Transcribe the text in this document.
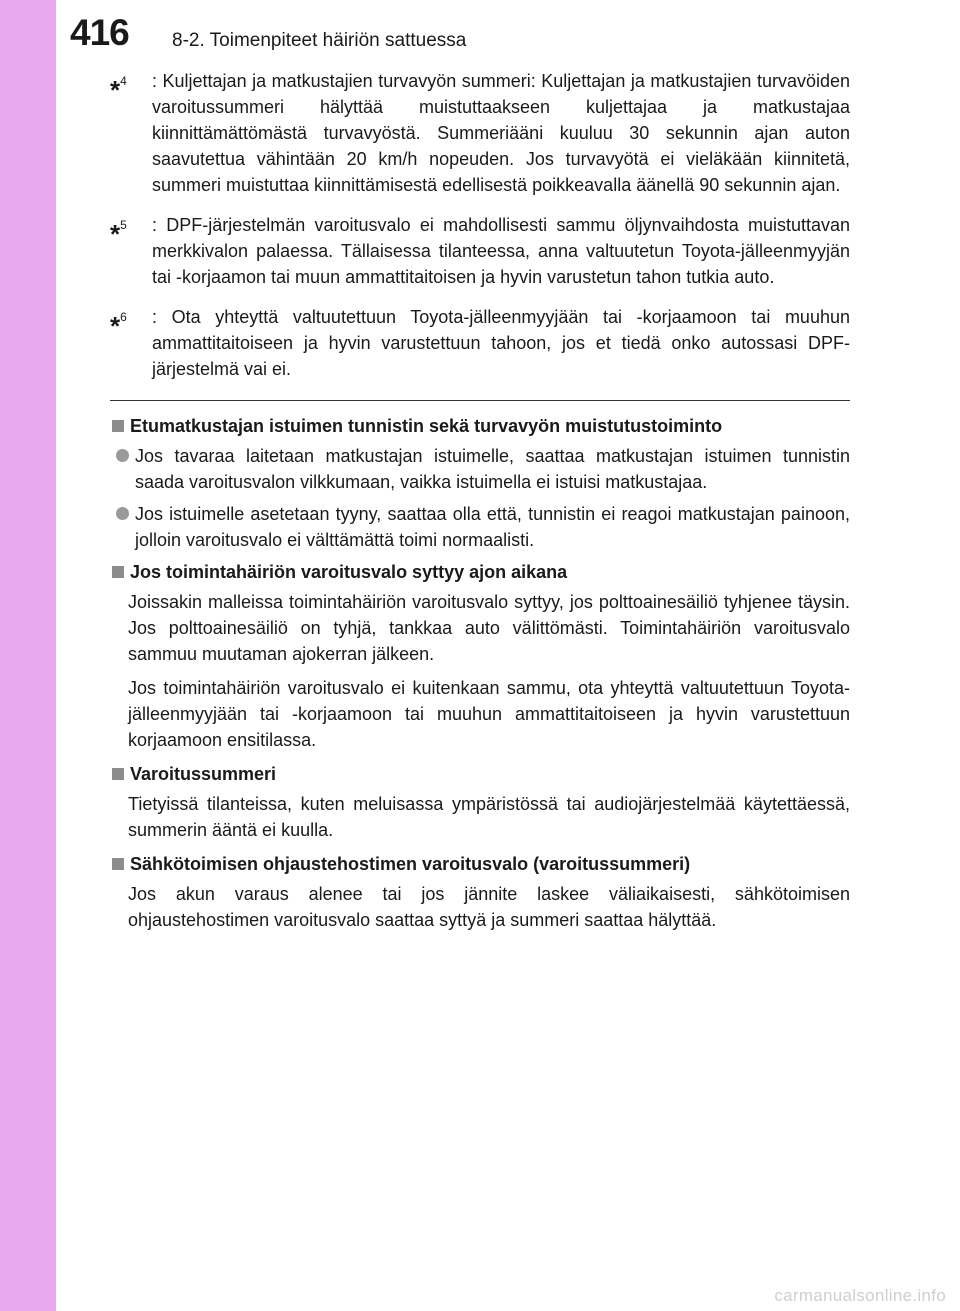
416 8-2. Toimenpiteet häiriön sattuessa
*$^4$	: Kuljettajan ja matkustajien turvavyön summeri: Kuljettajan ja matkustajien turvavöiden varoitussummeri hälyttää muistuttaakseen kuljettajaa ja matkustajaa kiinnittämättömästä turvavyöstä. Summeriääni kuuluu 30 sekunnin ajan auton saavutettua vähintään 20 km/h nopeuden. Jos turvavyötä ei vieläkään kiinnitetä, summeri muistuttaa kiinnittämisestä edellisestä poikkeavalla äänellä 90 sekunnin ajan.
*$^5$	: DPF-järjestelmän varoitusvalo ei mahdollisesti sammu öljynvaihdosta muistuttavan merkkivalon palaessa. Tällaisessa tilanteessa, anna valtuutetun Toyota-jälleenmyyjän tai -korjaamon tai muun ammattitaitoisen ja hyvin varustetun tahon tutkia auto.
*$^6$	: Ota yhteyttä valtuutettuun Toyota-jälleenmyyjään tai -korjaamoon tai muuhun ammattitaitoiseen ja hyvin varustettuun tahoon, jos et tiedä onko autossasi DPF-järjestelmä vai ei.
Etumatkustajan istuimen tunnistin sekä turvavyön muistutustoiminto
Jos tavaraa laitetaan matkustajan istuimelle, saattaa matkustajan istuimen tunnistin saada varoitusvalon vilkkumaan, vaikka istuimella ei istuisi matkustajaa.
Jos istuimelle asetetaan tyyny, saattaa olla että, tunnistin ei reagoi matkustajan painoon, jolloin varoitusvalo ei välttämättä toimi normaalisti.
Jos toimintahäiriön varoitusvalo syttyy ajon aikana

Joissakin malleissa toimintahäiriön varoitusvalo syttyy, jos polttoainesäiliö tyhjenee täysin. Jos polttoainesäiliö on tyhjä, tankkaa auto välittömästi. Toimintahäiriön varoitusvalo sammuu muutaman ajokerran jälkeen.

Jos toimintahäiriön varoitusvalo ei kuitenkaan sammu, ota yhteyttä valtuutettuun Toyota-jälleenmyyjään tai -korjaamoon tai muuhun ammattitaitoiseen ja hyvin varustettuun korjaamoon ensitilassa.

Varoitussummeri

Tietyissä tilanteissa, kuten meluisassa ympäristössä tai audiojärjestelmää käytettäessä, summerin ääntä ei kuulla.

Sähkötoimisen ohjaustehostimen varoitusvalo (varoitussummeri)

Jos akun varaus alenee tai jos jännite laskee väliaikaisesti, sähkötoimisen ohjaustehostimen varoitusvalo saattaa syttyä ja summeri saattaa hälyttää.

carmanualsonline.info
